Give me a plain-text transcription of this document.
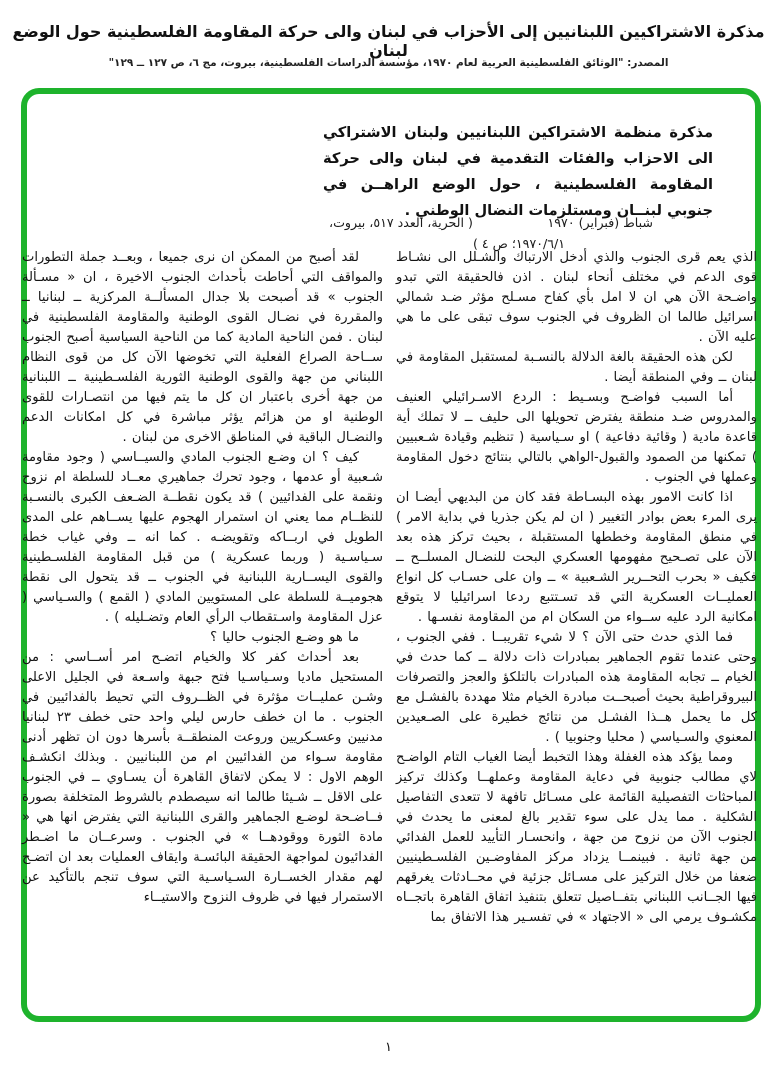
مذكرة الاشتراكيين اللبنانيين إلى الأحزاب في لبنان والى حركة المقاومة الفلسطينية حول الوضع لبنان
المصدر: "الوثائق الفلسطينية العربية لعام ١٩٧٠، مؤسسة الدراسات الفلسطينية، بيروت، مج ٦، ص ١٢٧ ــ ١٢٩"
مذكرة منظمة الاشتراكين اللبنانيين ولبنان الاشتراكي الى الاحزاب والفئات التقدمية في لبنان والى حركة المقاومة الفلسطينية ، حول الوضع الراهــن في جنوبي لبنــان ومستلزمات النضال الوطني .
شباط (فبراير) ١٩٧٠
( الحرية، العدد ٥١٧، بيروت،
١٩٧٠/٦/١؛ ص ٤ )

لقد أصبح من الممكن ان نرى جميعا ، وبعــد جملة التطورات والمواقف التي أحاطت بأحداث الجنوب الاخيرة ، ان « مسـألة الجنوب » قد أصبحت بلا جدال المسألــة المركزية ــ لبنانيا ــ والمقررة في نضـال القوى الوطنية والمقاومة الفلسطينية في لبنان . فمن الناحية المادية كما من الناحية السياسية أصبح الجنوب ســاحة الصراع الفعلية التي تخوضها الآن كل من قوى النظام اللبناني من جهة والقوى الوطنية الثورية الفلسـطينية ــ اللبنانية من جهة أخرى باعتبار ان كل ما يتم فيها من انتصـارات للقوى الوطنية او من هزائم يؤثر مباشرة في كل امكانات الدعم والنضـال الباقية في المناطق الاخرى من لبنان .

كيف ؟ ان وضـع الجنوب المادي والسيــاسي ( وجود مقاومة شـعبية أو عدمها ، وجود تحرك جماهيري معــاد للسلطة ام نزوح ونقمة على الفدائيين ) قد يكون نقطــة الضـعف الكبرى بالنسـبة للنظــام مما يعني ان استمرار الهجوم عليها يســاهم على المدى الطويل في اربــاكه وتقويضـه . كما انه ــ وفي غياب خطة سـياسـية ( وربما عسكرية ) من قبل المقاومة الفلسـطينية والقوى اليســارية اللبنانية في الجنوب ــ قد يتحول الى نقطة هجوميــة للسلطة على المستويين المادي ( القمع ) والسـياسي ( عزل المقاومة واسـتقطاب الرأي العام وتضـليله ) .

ما هو وضـع الجنوب حاليا ؟

بعد أحداث كفر كلا والخيام اتضـح امر أســاسي : من المستحيل ماديا وسـياسـيا فتح جبهة واسـعة في الجليل الاعلى وشـن عمليــات مؤثرة في الظــروف التي تحيط بالفدائيين في الجنوب . ما ان خطف حارس ليلي واحد حتى خطف ٢٣ لبنانيا مدنيين وعسـكريين وروعت المنطقــة بأسرها دون ان تظهر أدنى مقاومة سـواء من الفدائيين ام من اللبنانيين . وبذلك انكشـف الوهم الاول : لا يمكن لاتفاق القاهرة أن يسـاوي ــ في الجنوب على الاقل ــ شـيئا طالما انه سيصطدم بالشروط المتخلفة بصورة فــاضـحة لوضـع الجماهير والقرى اللبنانية التي يفترض انها هي « مادة الثورة ووقودهــا » في الجنوب . وسرعــان ما اضـطر الفدائيون لمواجهة الحقيقة البائسـة وايقاف العمليات بعد ان اتضـح لهم مقدار الخســارة السـياسـية التي سوف تنجم بالتأكيد عن الاستمرار فيها في ظروف النزوح والاستيــاء

الذي يعم قرى الجنوب والذي أدخل الارتباك والشـلل الى نشـاط قوى الدعم في مختلف أنحاء لبنان . اذن فالحقيقة التي تبدو واضـحة الآن هي ان لا امل بأي كفاح مسـلح مؤثر ضـد شمالي اسرائيل طالما ان الظروف في الجنوب سوف تبقى على ما هي عليه الآن .

لكن هذه الحقيقة بالغة الدلالة بالنسـبة لمستقبل المقاومة في لبنان ــ وفي المنطقة أيضا .

أما السبب فواضـح وبسـيط : الردع الاسـرائيلي العنيف والمدروس ضـد منطقة يفترض تحويلها الى حليف ــ لا تملك أية قاعدة مادية ( وقائية دفاعية ) او سـياسية ( تنظيم وقيادة شـعبيين ) تمكنها من الصمود والقبول-الواهي بالتالي بنتائج دخول المقاومة وعملها في الجنوب .

اذا كانت الامور بهذه البسـاطة فقد كان من البديهي أيضـا ان يرى المرء بعض بوادر التغيير ( ان لم يكن جذريا في بداية الامر ) في منطق المقاومة وخططها المستقبلة ، بحيث تركز هذه بعد الآن على تصـحيح مفهومها العسكري البحت للنضـال المسلــح ــ فكيف « بحرب التحــرير الشـعبية » ــ وان على حسـاب كل انواع العمليــات العسكرية التي قد تسـتتبع ردعا اسرائيليا لا يتوقع امكانية الرد عليه ســواء من السكان ام من المقاومة نفسـها .

فما الذي حدث حتى الآن ؟ لا شيء تقريبــا . ففي الجنوب ، وحتى عندما تقوم الجماهير بمبادرات ذات دلالة ــ كما حدث في الخيام ــ تجابه المقاومة هذه المبادرات بالتلكؤ والعجز والتصرفات البيروقراطية بحيث أصبحــت مبادرة الخيام مثلا مهددة بالفشـل مع كل ما يحمل هــذا الفشـل من نتائج خطيرة على الصـعيدين المعنوي والسـياسي ( محليا وجنوبيا ) .

ومما يؤكد هذه الغفلة وهذا التخبط أيضا الغياب التام الواضـح لاي مطالب جنوبية في دعاية المقاومة وعملهــا وكذلك تركيز المباحثات التفصيلية القائمة على مسـائل تافهة لا تتعدى التفاصيل الشكلية . مما يدل على سوء تقدير بالغ لمعنى ما يحدث في الجنوب الآن من نزوح من جهة ، وانحسـار التأييد للعمل الفدائي من جهة ثانية . فبينمــا يزداد مركز المفاوضـين الفلسـطينيين ضعفا من خلال التركيز على مسـائل جزئية في محــادثات يغرقهم فيها الجــانب اللبناني بتفــاصيل تتعلق بتنفيذ اتفاق القاهرة باتجــاه مكشـوف يرمي الى « الاجتهاد » في تفسـير هذا الاتفاق بما

١
